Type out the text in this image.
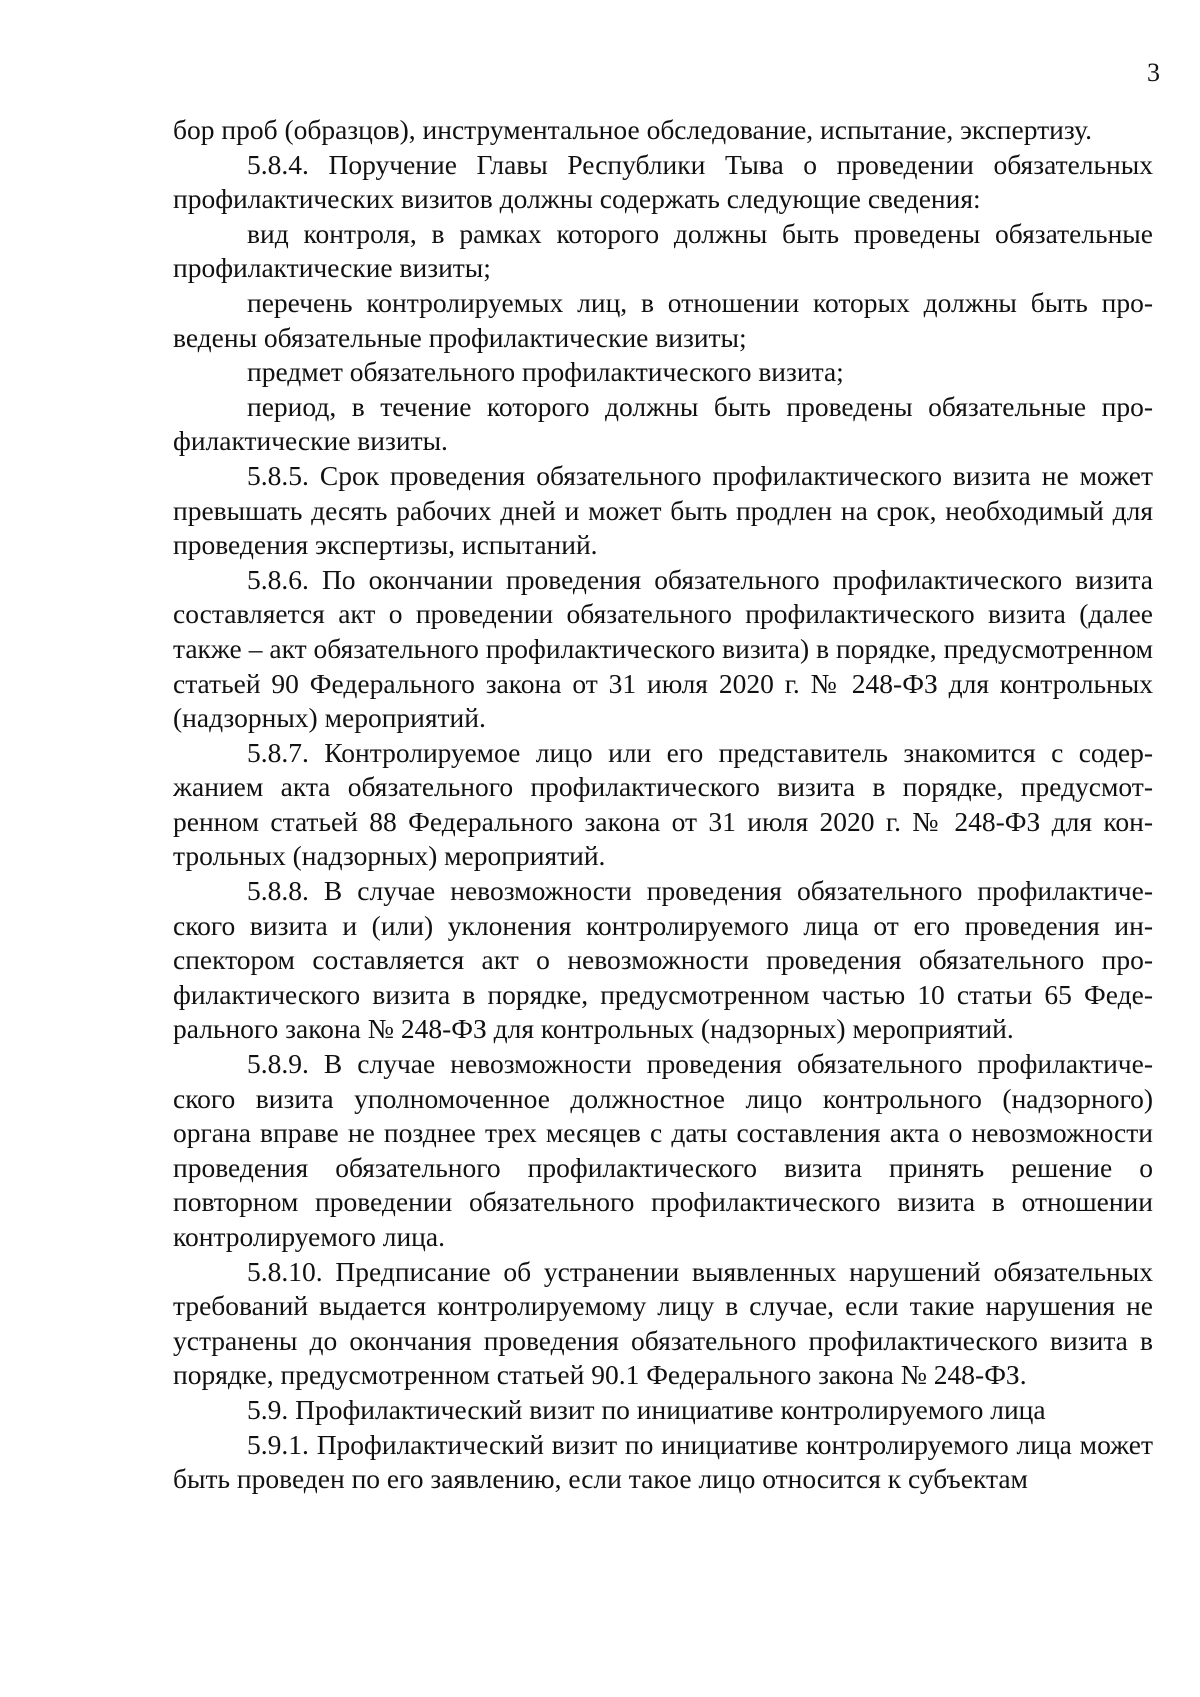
3

бор проб (образцов), инструментальное обследование, испытание, экспертизу.

5.8.4. Поручение Главы Республики Тыва о проведении обязательных профилактических визитов должны содержать следующие сведения:

вид контроля, в рамках которого должны быть проведены обязательные профилактические визиты;

перечень контролируемых лиц, в отношении которых должны быть проведены обязательные профилактические визиты;

предмет обязательного профилактического визита;

период, в течение которого должны быть проведены обязательные профилактические визиты.

5.8.5. Срок проведения обязательного профилактического визита не может превышать десять рабочих дней и может быть продлен на срок, необходимый для проведения экспертизы, испытаний.

5.8.6. По окончании проведения обязательного профилактического визита составляется акт о проведении обязательного профилактического визита (далее также – акт обязательного профилактического визита) в порядке, предусмотренном статьей 90 Федерального закона от 31 июля 2020 г. № 248-ФЗ для контрольных (надзорных) мероприятий.

5.8.7. Контролируемое лицо или его представитель знакомится с содержанием акта обязательного профилактического визита в порядке, предусмотренном статьей 88 Федерального закона от 31 июля 2020 г. № 248-ФЗ для контрольных (надзорных) мероприятий.

5.8.8. В случае невозможности проведения обязательного профилактического визита и (или) уклонения контролируемого лица от его проведения инспектором составляется акт о невозможности проведения обязательного профилактического визита в порядке, предусмотренном частью 10 статьи 65 Федерального закона № 248-ФЗ для контрольных (надзорных) мероприятий.

5.8.9. В случае невозможности проведения обязательного профилактического визита уполномоченное должностное лицо контрольного (надзорного) органа вправе не позднее трех месяцев с даты составления акта о невозможности проведения обязательного профилактического визита принять решение о повторном проведении обязательного профилактического визита в отношении контролируемого лица.

5.8.10. Предписание об устранении выявленных нарушений обязательных требований выдается контролируемому лицу в случае, если такие нарушения не устранены до окончания проведения обязательного профилактического визита в порядке, предусмотренном статьей 90.1 Федерального закона № 248-ФЗ.

5.9. Профилактический визит по инициативе контролируемого лица

5.9.1. Профилактический визит по инициативе контролируемого лица может быть проведен по его заявлению, если такое лицо относится к субъектам
